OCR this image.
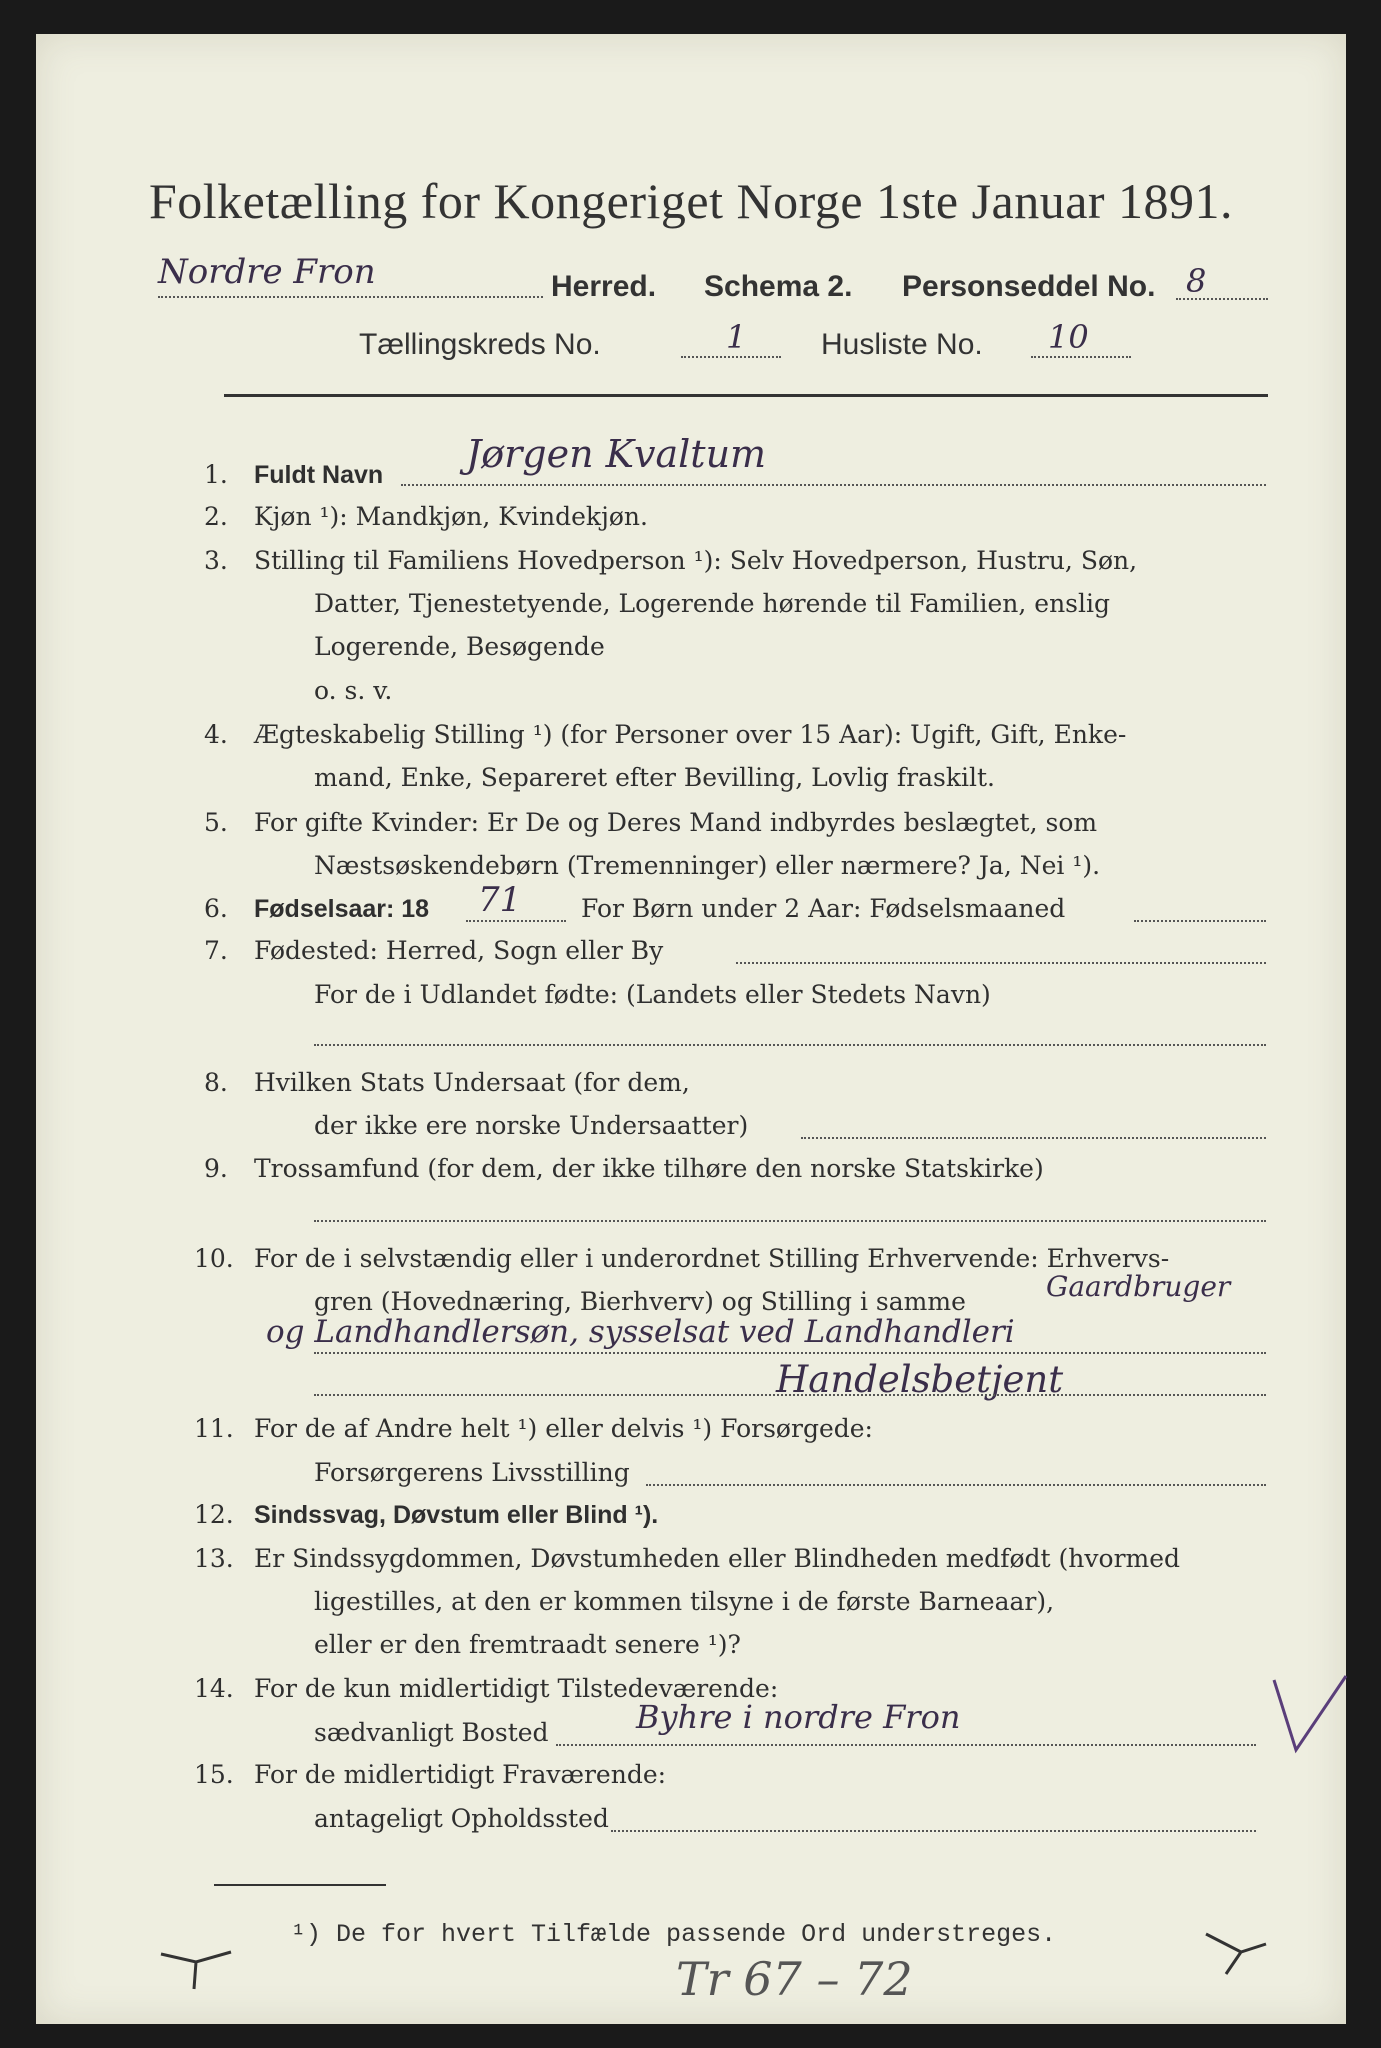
Folketælling for Kongeriget Norge 1ste Januar 1891.
Nordre Fron	Herred. Schema 2. Personseddel No. 8
Tællingskreds No.	1 Husliste No. 10
1. Fuldt Navn Jørgen Kvaltum
2. Kjøn ¹): Mandkjøn, Kvindekjøn.
3. Stilling til Familiens Hovedperson ¹): Selv Hovedperson, Hustru, Søn,
Datter, Tjenestetyende, Logerende hørende til Familien, enslig
Logerende, Besøgende
o. s. v.
4. Ægteskabelig Stilling ¹) (for Personer over 15 Aar): Ugift, Gift, Enke-
mand, Enke, Separeret efter Bevilling, Lovlig fraskilt.
5. For gifte Kvinder: Er De og Deres Mand indbyrdes beslægtet, som
Næstsøskendebørn (Tremenninger) eller nærmere? Ja, Nei ¹).
6. Fødselsaar: 18 71 For Børn under 2 Aar: Fødselsmaaned
7. Fødested: Herred, Sogn eller By
For de i Udlandet fødte: (Landets eller Stedets Navn)
8. Hvilken Stats Undersaat (for dem,
der ikke ere norske Undersaatter)
9. Trossamfund (for dem, der ikke tilhøre den norske Statskirke)
10. For de i selvstændig eller i underordnet Stilling Erhvervende: Erhvervs-
gren (Hovednæring, Bierhverv) og Stilling i samme	Gaardbruger
og Landhandlersøn, sysselsat ved Landhandleri
Handelsbetjent
11. For de af Andre helt ¹) eller delvis ¹) Forsørgede:
Forsørgerens Livsstilling
12. Sindssvag, Døvstum eller Blind ¹).
13. Er Sindssygdommen, Døvstumheden eller Blindheden medfødt (hvormed
ligestilles, at den er kommen tilsyne i de første Barneaar),
eller er den fremtraadt senere ¹)?
14. For de kun midlertidigt Tilstedeværende:
sædvanligt Bosted	Byhre i nordre Fron
15. For de midlertidigt Fraværende:
antageligt Opholdssted
¹) De for hvert Tilfælde passende Ord understreges.
Tr 67 – 72
